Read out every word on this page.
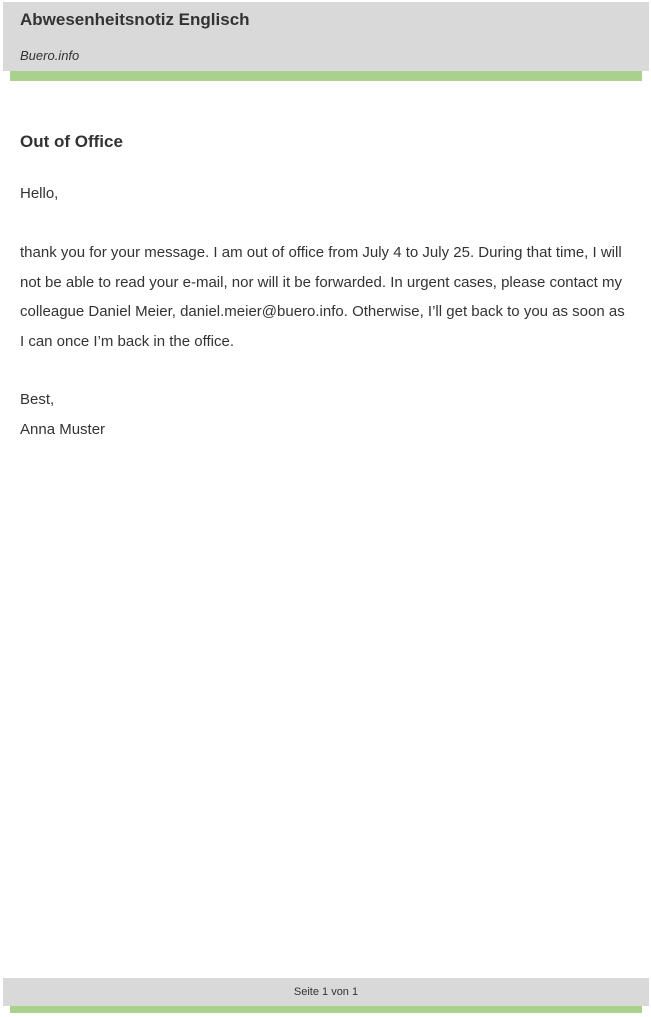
Abwesenheitsnotiz Englisch
Buero.info
Out of Office
Hello,
thank you for your message. I am out of office from July 4 to July 25. During that time, I will not be able to read your e-mail, nor will it be forwarded. In urgent cases, please contact my colleague Daniel Meier, daniel.meier@buero.info. Otherwise, I’ll get back to you as soon as I can once I’m back in the office.
Best,
Anna Muster
Seite 1 von 1
